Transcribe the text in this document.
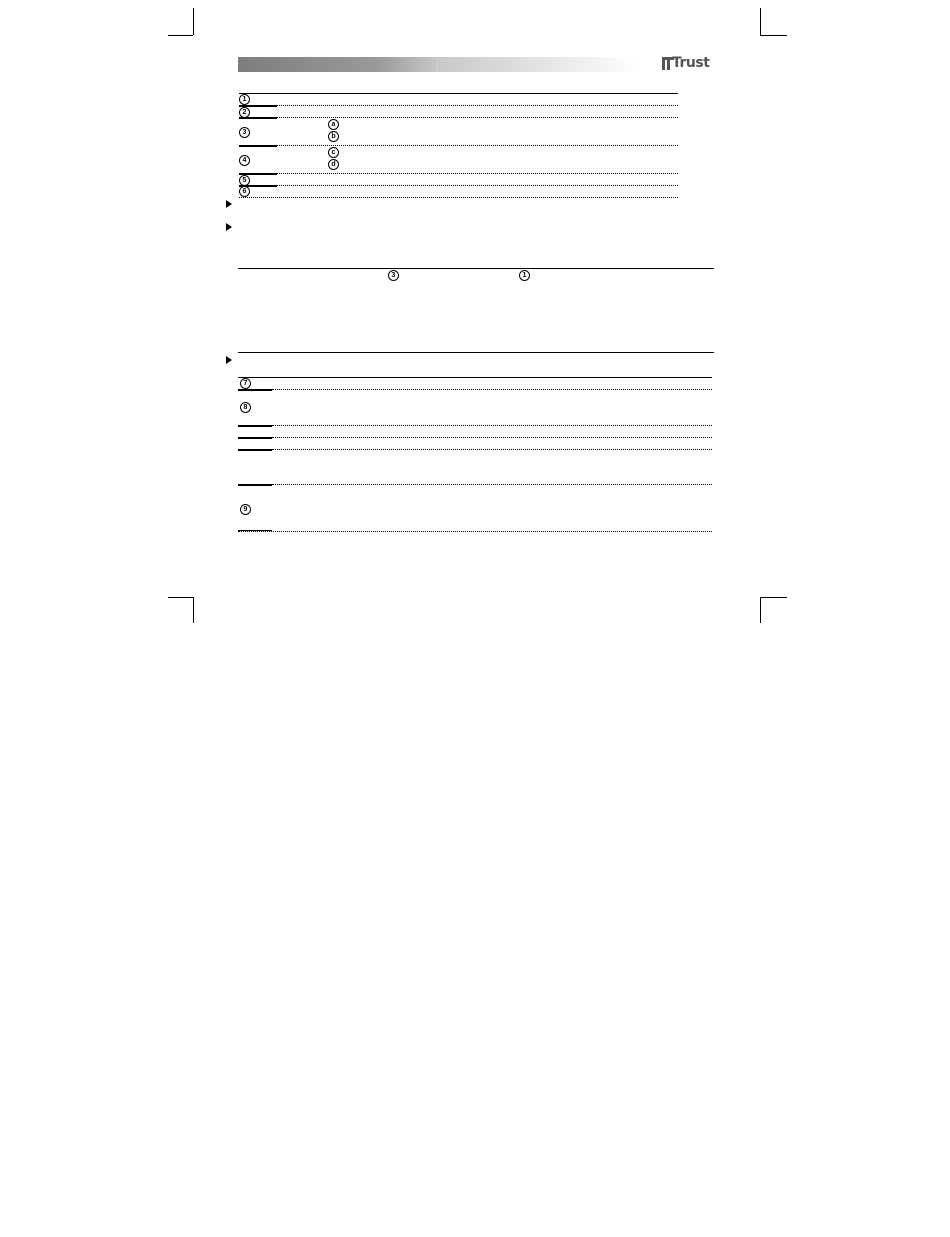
Trust
1
2
3
a
b
4
c
d
5
6
3	1
7
8
9
